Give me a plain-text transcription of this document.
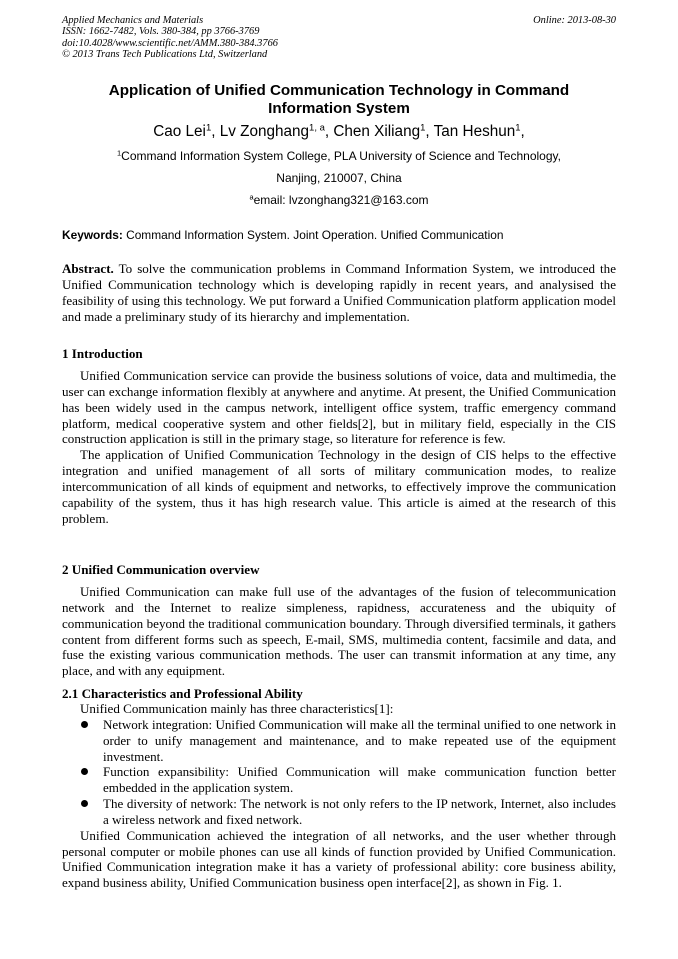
Applied Mechanics and Materials
ISSN: 1662-7482, Vols. 380-384, pp 3766-3769
doi:10.4028/www.scientific.net/AMM.380-384.3766
© 2013 Trans Tech Publications Ltd, Switzerland
Online: 2013-08-30
Application of Unified Communication Technology in Command
Information System
Cao Lei$^1$, Lv Zonghang$^{1, a}$, Chen Xiliang$^1$, Tan Heshun$^1$,
$^1$Command Information System College, PLA University of Science and Technology,
Nanjing, 210007, China
$^a$email: lvzonghang321@163.com
Keywords: Command Information System. Joint Operation. Unified Communication

Abstract. To solve the communication problems in Command Information System, we introduced the Unified Communication technology which is developing rapidly in recent years, and analysised the feasibility of using this technology. We put forward a Unified Communication platform application model and made a preliminary study of its hierarchy and implementation.

1 Introduction

Unified Communication service can provide the business solutions of voice, data and multimedia, the user can exchange information flexibly at anywhere and anytime. At present, the Unified Communication has been widely used in the campus network, intelligent office system, traffic emergency command platform, medical cooperative system and other fields[2], but in military field, especially in the CIS construction application is still in the primary stage, so literature for reference is few.

The application of Unified Communication Technology in the design of CIS helps to the effective integration and unified management of all sorts of military communication modes, to realize intercommunication of all kinds of equipment and networks, to effectively improve the communication capability of the system, thus it has high research value. This article is aimed at the research of this problem.

2 Unified Communication overview

Unified Communication can make full use of the advantages of the fusion of telecommunication network and the Internet to realize simpleness, rapidness, accurateness and the ubiquity of communication beyond the traditional communication boundary. Through diversified terminals, it gathers content from different forms such as speech, E-mail, SMS, multimedia content, facsimile and data, and fuse the existing various communication methods. The user can transmit information at any time, any place, and with any equipment.

2.1 Characteristics and Professional Ability

Unified Communication mainly has three characteristics[1]:

Network integration: Unified Communication will make all the terminal unified to one network in order to unify management and maintenance, and to make repeated use of the equipment investment.
Function expansibility: Unified Communication will make communication function better embedded in the application system.
The diversity of network: The network is not only refers to the IP network, Internet, also includes a wireless network and fixed network.

Unified Communication achieved the integration of all networks, and the user whether through personal computer or mobile phones can use all kinds of function provided by Unified Communication. Unified Communication integration make it has a variety of professional ability: core business ability, expand business ability, Unified Communication business open interface[2], as shown in Fig. 1.
